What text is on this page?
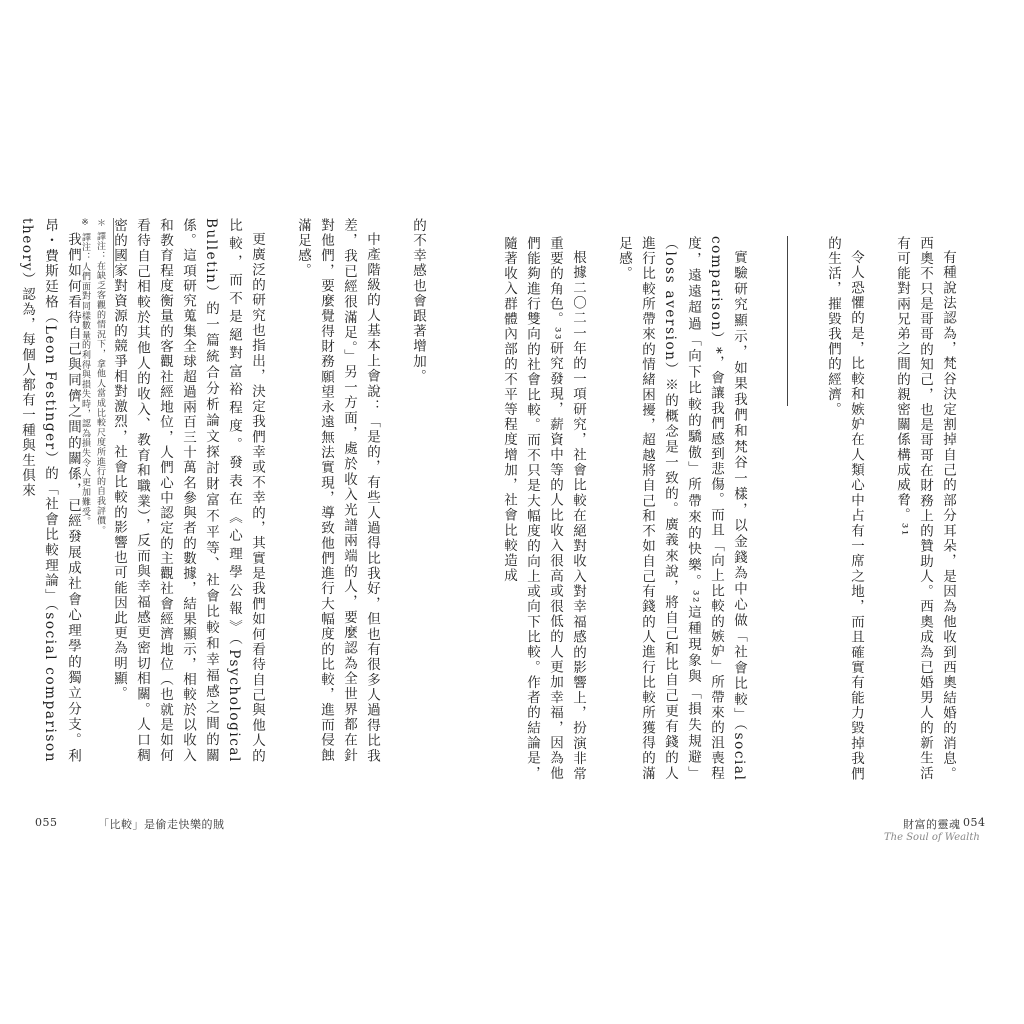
有種說法認為，梵谷決定割掉自己的部分耳朵，是因為他收到西奧結婚的消息。西奧不只是哥哥的知己，也是哥哥在財務上的贊助人。西奧成為已婚男人的新生活有可能對兩兄弟之間的親密關係構成威脅。³¹

令人恐懼的是，比較和嫉妒在人類心中占有一席之地，而且確實有能力毀掉我們的生活，摧毀我們的經濟。

實驗研究顯示，如果我們和梵谷一樣，以金錢為中心做「社會比較」（social comparison）*，會讓我們感到悲傷。而且「向上比較的嫉妒」所帶來的沮喪程度，遠遠超過「向下比較的驕傲」所帶來的快樂。³²這種現象與「損失規避」（loss aversion）※的概念是一致的。廣義來說，將自己和比自己更有錢的人進行比較所帶來的情緒困擾，超越將自己和不如自己有錢的人進行比較所獲得的滿足感。

根據二〇二一年的一項研究，社會比較在絕對收入對幸福感的影響上，扮演非常重要的角色。³³研究發現，薪資中等的人比收入很高或很低的人更加幸福，因為他們能夠進行雙向的社會比較。而不只是大幅度的向上或向下比較。作者的結論是，隨著收入群體內部的不平等程度增加，社會比較造成

的不幸感也會跟著增加。

中產階級的人基本上會說：「是的，有些人過得比我好，但也有很多人過得比我差，我已經很滿足。」另一方面，處於收入光譜兩端的人，要麼認為全世界都在針對他們，要麼覺得財務願望永遠無法實現，導致他們進行大幅度的比較，進而侵蝕滿足感。

更廣泛的研究也指出，決定我們幸或不幸的，其實是我們如何看待自己與他人的比較，而不是絕對富裕程度。發表在《心理學公報》（Psychological Bulletin）的一篇統合分析論文探討財富不平等、社會比較和幸福感之間的關係。這項研究蒐集全球超過兩百三十萬名參與者的數據，結果顯示，相較於以收入和教育程度衡量的客觀社經地位，人們心中認定的主觀社會經濟地位（也就是如何看待自己相較於其他人的收入、教育和職業），反而與幸福感更密切相關。人口稠密的國家對資源的競爭相對激烈，社會比較的影響也可能因此更為明顯。

我們如何看待自己與同儕之間的關係，已經發展成社會心理學的獨立分支。利昂・費斯廷格（Leon Festinger）的「社會比較理論」（social comparison theory）認為，每個人都有一種與生俱來	＊ 譯注：在缺乏客觀的情況下，拿他人當成比較尺度所進行的自我評價。
※ 譯注：人們面對同樣數量的利得與損失時，認為損失令人更加難受。
055	「比較」是偷走快樂的賊	財富的靈魂 054
The Soul of Wealth
